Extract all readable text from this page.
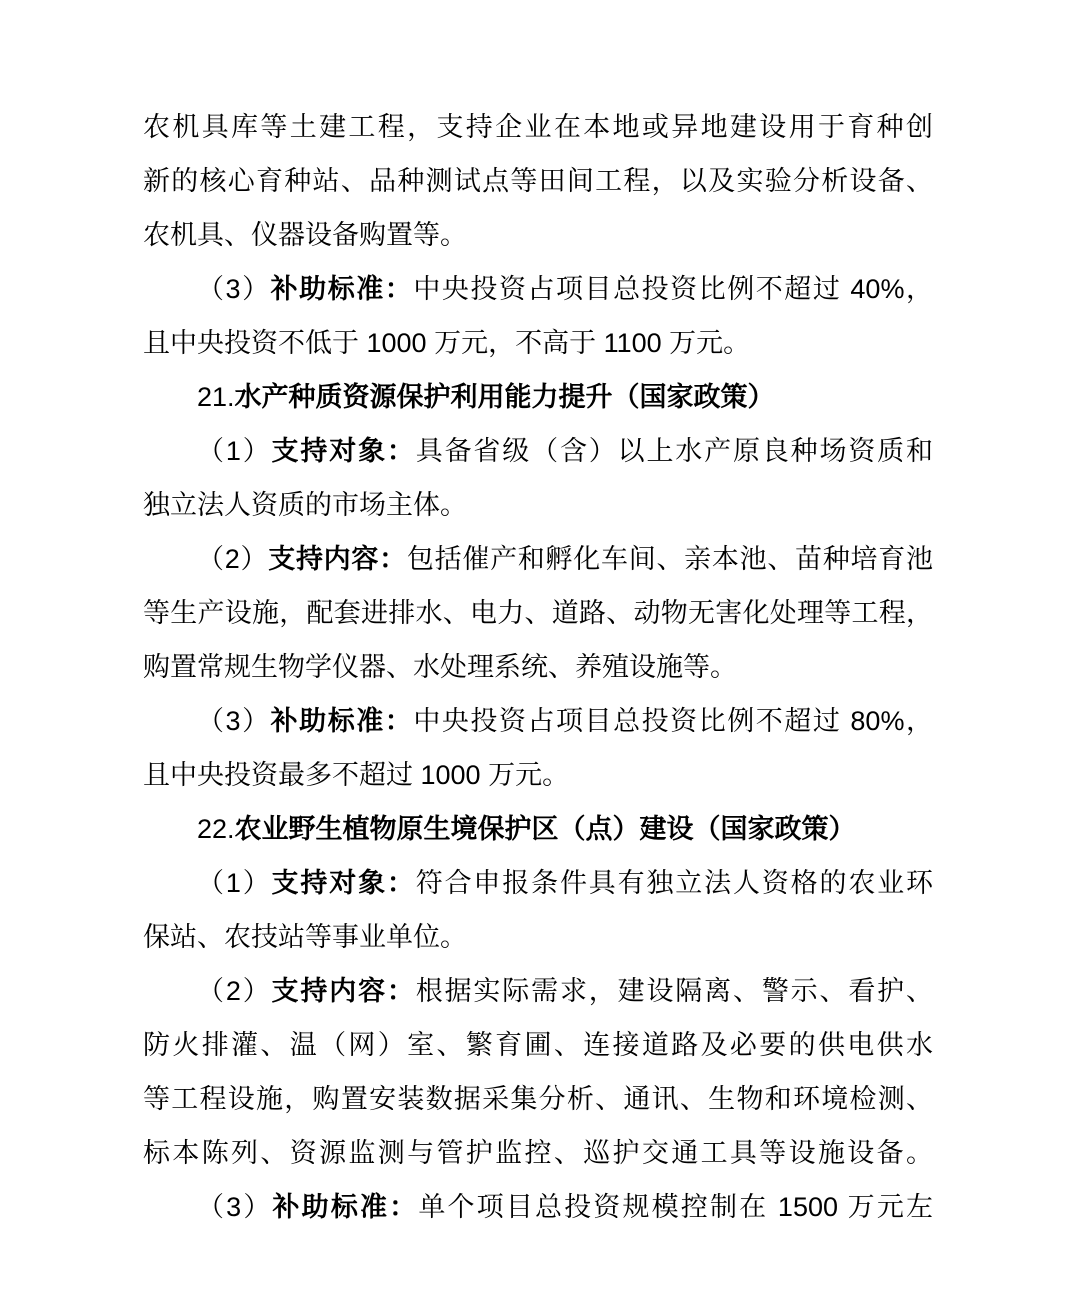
农机具库等土建工程，支持企业在本地或异地建设用于育种创
新的核心育种站、品种测试点等田间工程，以及实验分析设备、
农机具、仪器设备购置等。
（3）补助标准：中央投资占项目总投资比例不超过 40%，
且中央投资不低于 1000 万元，不高于 1100 万元。
21.水产种质资源保护利用能力提升（国家政策）
（1）支持对象：具备省级（含）以上水产原良种场资质和
独立法人资质的市场主体。
（2）支持内容：包括催产和孵化车间、亲本池、苗种培育池
等生产设施，配套进排水、电力、道路、动物无害化处理等工程，
购置常规生物学仪器、水处理系统、养殖设施等。
（3）补助标准：中央投资占项目总投资比例不超过 80%，
且中央投资最多不超过 1000 万元。
22.农业野生植物原生境保护区（点）建设（国家政策）
（1）支持对象：符合申报条件具有独立法人资格的农业环
保站、农技站等事业单位。
（2）支持内容：根据实际需求，建设隔离、警示、看护、
防火排灌、温（网）室、繁育圃、连接道路及必要的供电供水
等工程设施，购置安装数据采集分析、通讯、生物和环境检测、
标本陈列、资源监测与管护监控、巡护交通工具等设施设备。
（3）补助标准：单个项目总投资规模控制在 1500 万元左
